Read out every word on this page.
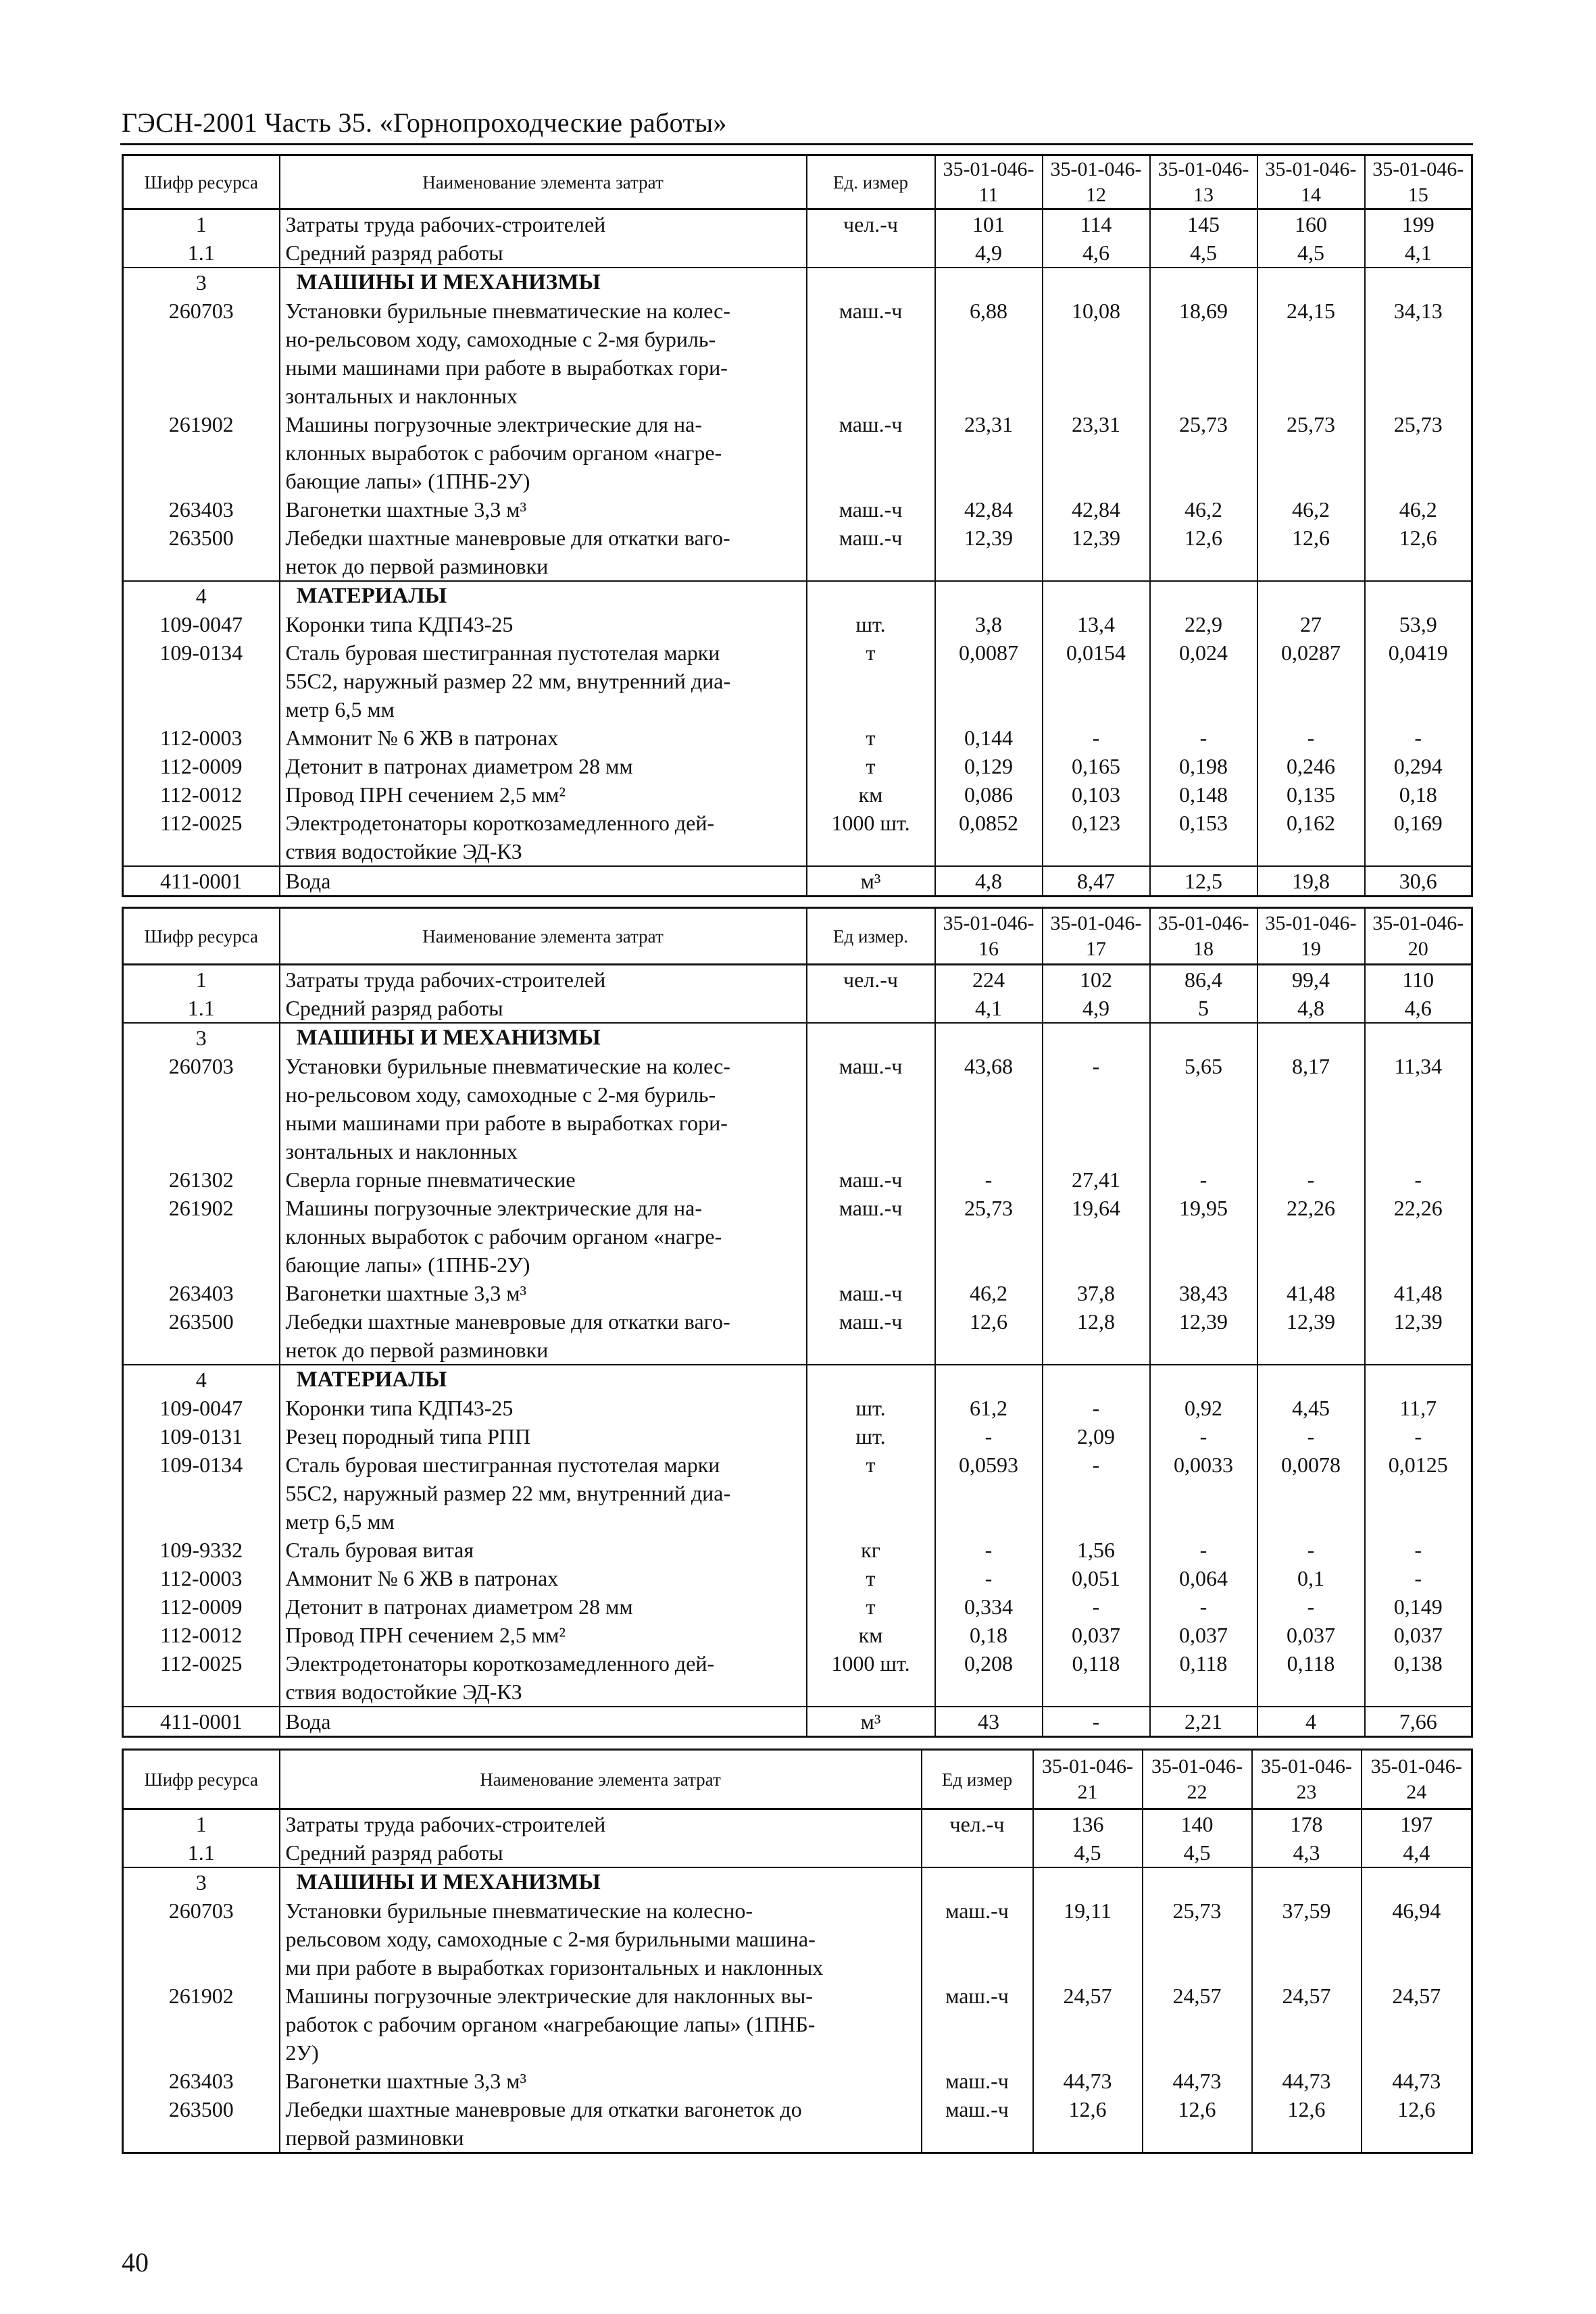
ГЭСН-2001 Часть 35. «Горнопроходческие работы»
Шифр ресурса	Наименование элемента затрат	Ед. измер	35-01-046-11	35-01-046-12	35-01-046-13	35-01-046-14	35-01-046-15
1	Затраты труда рабочих-строителей	чел.-ч	101	114	145	160	199
1.1	Средний разряд работы		4,9	4,6	4,5	4,5	4,1
3	МАШИНЫ И МЕХАНИЗМЫ						
260703	Установки бурильные пневматические на колес-	маш.-ч	6,88	10,08	18,69	24,15	34,13
	но-рельсовом ходу, самоходные с 2-мя буриль-						
	ными машинами при работе в выработках гори-						
	зонтальных и наклонных						
261902	Машины погрузочные электрические для на-	маш.-ч	23,31	23,31	25,73	25,73	25,73
	клонных выработок с рабочим органом «нагре-						
	бающие лапы» (1ПНБ-2У)						
263403	Вагонетки шахтные 3,3 м³	маш.-ч	42,84	42,84	46,2	46,2	46,2
263500	Лебедки шахтные маневровые для откатки ваго-	маш.-ч	12,39	12,39	12,6	12,6	12,6
	неток до первой разминовки						
4	МАТЕРИАЛЫ						
109-0047	Коронки типа КДП43-25	шт.	3,8	13,4	22,9	27	53,9
109-0134	Сталь буровая шестигранная пустотелая марки	т	0,0087	0,0154	0,024	0,0287	0,0419
	55С2, наружный размер 22 мм, внутренний диа-						
	метр 6,5 мм						
112-0003	Аммонит № 6 ЖВ в патронах	т	0,144	-	-	-	-
112-0009	Детонит в патронах диаметром 28 мм	т	0,129	0,165	0,198	0,246	0,294
112-0012	Провод ПРН сечением 2,5 мм²	км	0,086	0,103	0,148	0,135	0,18
112-0025	Электродетонаторы короткозамедленного дей-	1000 шт.	0,0852	0,123	0,153	0,162	0,169
	ствия водостойкие ЭД-КЗ						
411-0001	Вода	м³	4,8	8,47	12,5	19,8	30,6
Шифр ресурса	Наименование элемента затрат	Ед измер.	35-01-046-16	35-01-046-17	35-01-046-18	35-01-046-19	35-01-046-20
1	Затраты труда рабочих-строителей	чел.-ч	224	102	86,4	99,4	110
1.1	Средний разряд работы		4,1	4,9	5	4,8	4,6
3	МАШИНЫ И МЕХАНИЗМЫ						
260703	Установки бурильные пневматические на колес-	маш.-ч	43,68	-	5,65	8,17	11,34
	но-рельсовом ходу, самоходные с 2-мя буриль-						
	ными машинами при работе в выработках гори-						
	зонтальных и наклонных						
261302	Сверла горные пневматические	маш.-ч	-	27,41	-	-	-
261902	Машины погрузочные электрические для на-	маш.-ч	25,73	19,64	19,95	22,26	22,26
	клонных выработок с рабочим органом «нагре-						
	бающие лапы» (1ПНБ-2У)						
263403	Вагонетки шахтные 3,3 м³	маш.-ч	46,2	37,8	38,43	41,48	41,48
263500	Лебедки шахтные маневровые для откатки ваго-	маш.-ч	12,6	12,8	12,39	12,39	12,39
	неток до первой разминовки						
4	МАТЕРИАЛЫ						
109-0047	Коронки типа КДП43-25	шт.	61,2	-	0,92	4,45	11,7
109-0131	Резец породный типа РПП	шт.	-	2,09	-	-	-
109-0134	Сталь буровая шестигранная пустотелая марки	т	0,0593	-	0,0033	0,0078	0,0125
	55С2, наружный размер 22 мм, внутренний диа-						
	метр 6,5 мм						
109-9332	Сталь буровая витая	кг	-	1,56	-	-	-
112-0003	Аммонит № 6 ЖВ в патронах	т	-	0,051	0,064	0,1	-
112-0009	Детонит в патронах диаметром 28 мм	т	0,334	-	-	-	0,149
112-0012	Провод ПРН сечением 2,5 мм²	км	0,18	0,037	0,037	0,037	0,037
112-0025	Электродетонаторы короткозамедленного дей-	1000 шт.	0,208	0,118	0,118	0,118	0,138
	ствия водостойкие ЭД-КЗ						
411-0001	Вода	м³	43	-	2,21	4	7,66
Шифр ресурса	Наименование элемента затрат	Ед измер	35-01-046-21	35-01-046-22	35-01-046-23	35-01-046-24
1	Затраты труда рабочих-строителей	чел.-ч	136	140	178	197
1.1	Средний разряд работы		4,5	4,5	4,3	4,4
3	МАШИНЫ И МЕХАНИЗМЫ					
260703	Установки бурильные пневматические на колесно-	маш.-ч	19,11	25,73	37,59	46,94
	рельсовом ходу, самоходные с 2-мя бурильными машина-					
	ми при работе в выработках горизонтальных и наклонных					
261902	Машины погрузочные электрические для наклонных вы-	маш.-ч	24,57	24,57	24,57	24,57
	работок с рабочим органом «нагребающие лапы» (1ПНБ-					
	2У)					
263403	Вагонетки шахтные 3,3 м³	маш.-ч	44,73	44,73	44,73	44,73
263500	Лебедки шахтные маневровые для откатки вагонеток до	маш.-ч	12,6	12,6	12,6	12,6
	первой разминовки					
40
